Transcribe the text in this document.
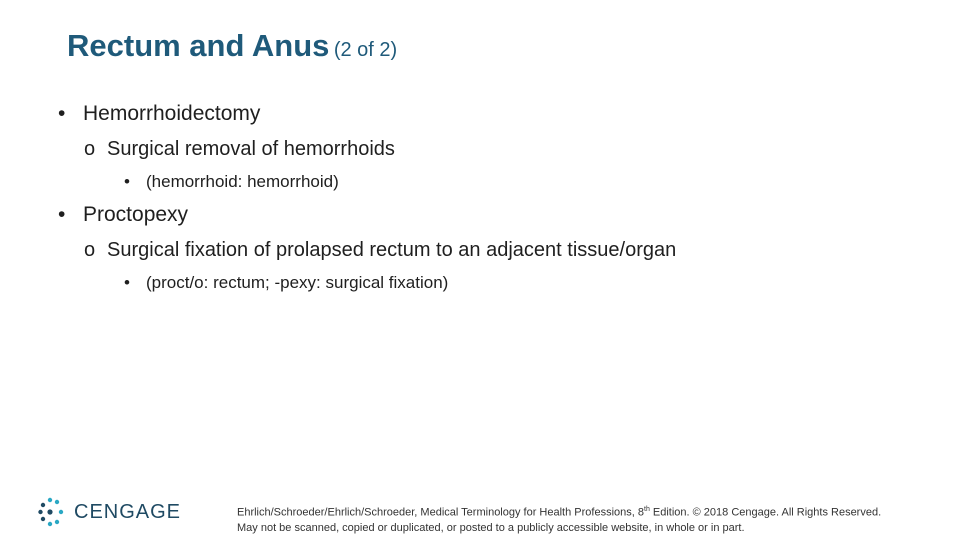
Rectum and Anus (2 of 2)
• Hemorrhoidectomy
o Surgical removal of hemorrhoids
• (hemorrhoid: hemorrhoid)
• Proctopexy
o Surgical fixation of prolapsed rectum to an adjacent tissue/organ
• (proct/o: rectum; -pexy: surgical fixation)
CENGAGE	Ehrlich/Schroeder/Ehrlich/Schroeder, Medical Terminology for Health Professions, 8th Edition. © 2018 Cengage. All Rights Reserved.
May not be scanned, copied or duplicated, or posted to a publicly accessible website, in whole or in part.
